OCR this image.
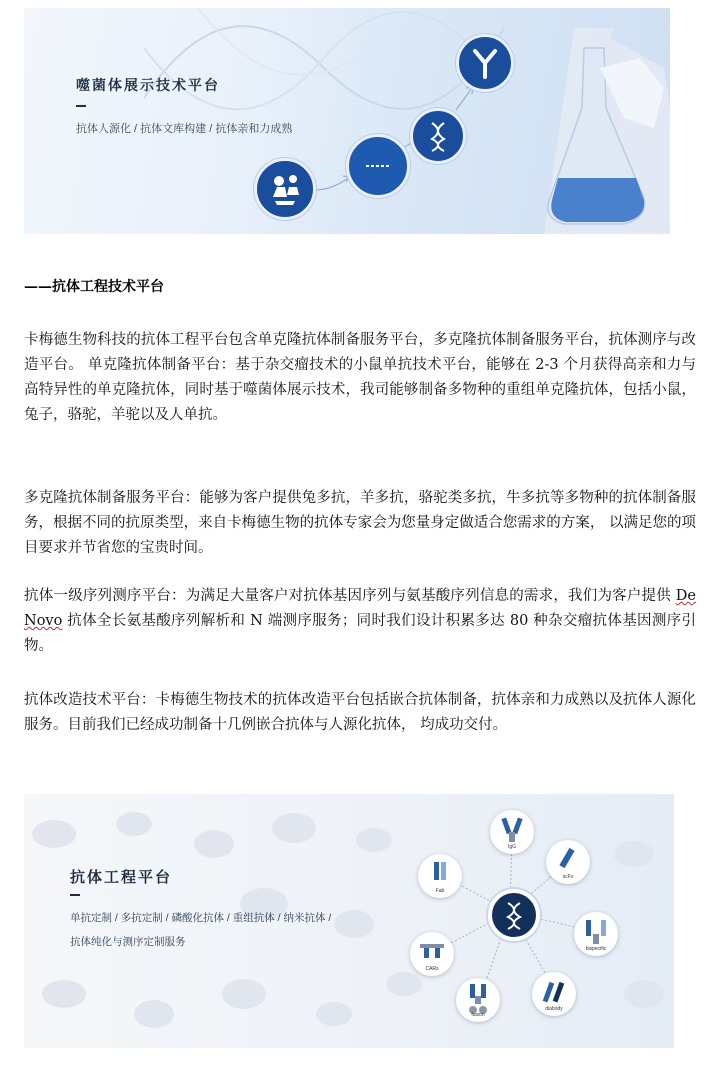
噬菌体展示技术平台
抗体人源化 / 抗体文库构建 / 抗体亲和力成熟
——抗体工程技术平台

卡梅德生物科技的抗体工程平台包含单克隆抗体制备服务平台，多克隆抗体制备服务平台，抗体测序与改造平台。 单克隆抗体制备平台：基于杂交瘤技术的小鼠单抗技术平台，能够在 2-3 个月获得高亲和力与高特异性的单克隆抗体，同时基于噬菌体展示技术，我司能够制备多物种的重组单克隆抗体，包括小鼠，兔子，骆驼，羊驼以及人单抗。

多克隆抗体制备服务平台：能够为客户提供兔多抗，羊多抗，骆驼类多抗，牛多抗等多物种的抗体制备服务，根据不同的抗原类型，来自卡梅德生物的抗体专家会为您量身定做适合您需求的方案， 以满足您的项目要求并节省您的宝贵时间。

抗体一级序列测序平台：为满足大量客户对抗体基因序列与氨基酸序列信息的需求，我们为客户提供 De Novo 抗体全长氨基酸序列解析和 N 端测序服务；同时我们设计积累多达 80 种杂交瘤抗体基因测序引物。

抗体改造技术平台：卡梅德生物技术的抗体改造平台包括嵌合抗体制备，抗体亲和力成熟以及抗体人源化服务。目前我们已经成功制备十几例嵌合抗体与人源化抗体， 均成功交付。

抗体工程平台
单抗定制 / 多抗定制 / 磷酸化抗体 / 重组抗体 / 纳米抗体 /
抗体纯化与测序定制服务
IgG
scFv
bispecific
diabody
fusion
CARs
Fab
